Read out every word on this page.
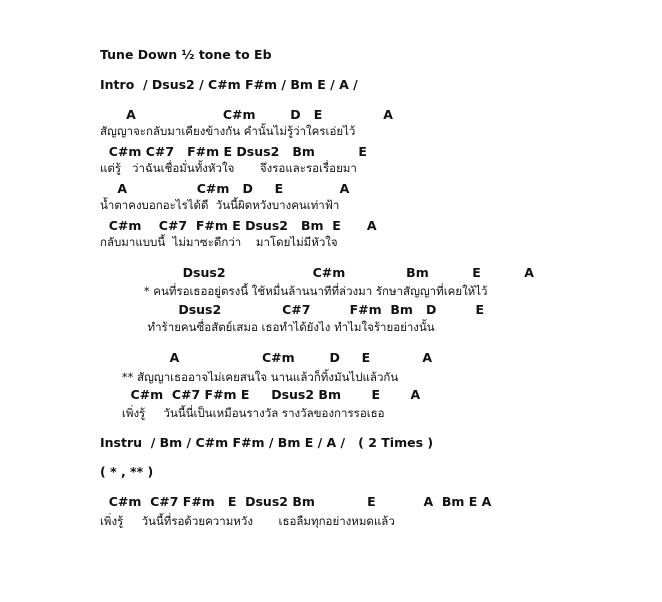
Tune Down ½ tone to Eb
Intro  / Dsus2 / C#m F#m / Bm E / A /
A                    C#m        D   E              A
สัญญาจะกลับมาเคียงข้างกัน คำนั้นไม่รู้ว่าใครเอ่ยไว้
C#m C#7   F#m E Dsus2   Bm          E
แต่รู้   ว่าฉันเชื่อมั่นทั้งหัวใจ       จึงรอและรอเรื่อยมา
A                C#m   D     E             A
น้ำตาคงบอกอะไรได้ดี  วันนี้ผิดหวังบางคนเท่าฟ้า
C#m    C#7  F#m E Dsus2   Bm  E      A
กลับมาแบบนี้  ไม่มาซะดีกว่า    มาโดยไม่มีหัวใจ
Dsus2                    C#m              Bm          E          A
* คนที่รอเธออยู่ตรงนี้ ใช้หมื่นล้านนาทีที่ล่วงมา รักษาสัญญาที่เคยให้ไว้
Dsus2              C#7         F#m  Bm   D         E
ทำร้ายคนซื่อสัตย์เสมอ เธอทำได้ยังไง ทำไมใจร้ายอย่างนั้น
A                   C#m        D     E            A
** สัญญาเธออาจไม่เคยสนใจ นานแล้วก็ทิ้งมันไปแล้วกัน
C#m  C#7 F#m E     Dsus2 Bm       E       A
เพิ่งรู้     วันนี้นี่เป็นเหมือนรางวัล รางวัลของการรอเธอ
Instru  / Bm / C#m F#m / Bm E / A /   ( 2 Times )
( * , ** )
C#m  C#7 F#m   E  Dsus2 Bm            E           A  Bm E A
เพิ่งรู้     วันนี้ที่รอด้วยความหวัง       เธอลืมทุกอย่างหมดแล้ว
